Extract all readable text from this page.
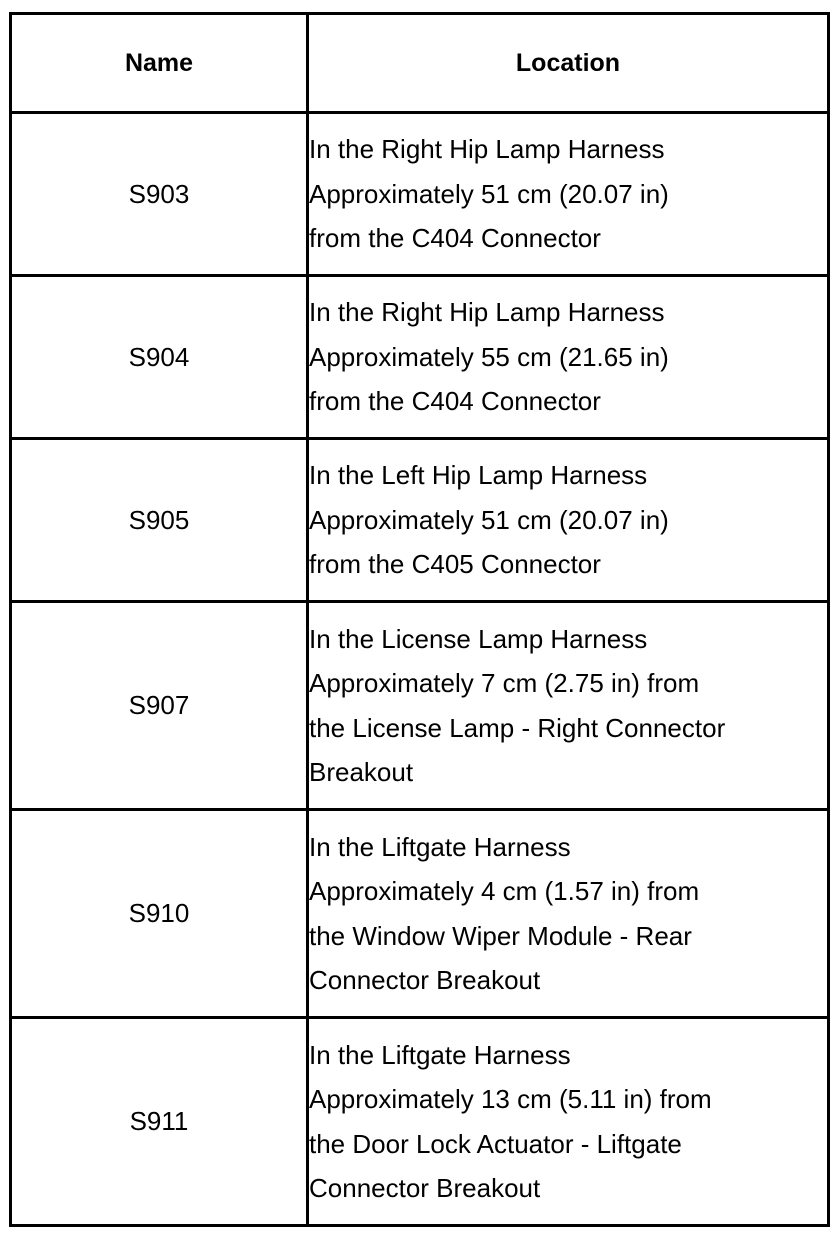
Name	Location
S903	In the Right Hip Lamp Harness
Approximately 51 cm (20.07 in)
from the C404 Connector

S904	In the Right Hip Lamp Harness
Approximately 55 cm (21.65 in)
from the C404 Connector

S905	In the Left Hip Lamp Harness
Approximately 51 cm (20.07 in)
from the C405 Connector

S907	In the License Lamp Harness
Approximately 7 cm (2.75 in) from
the License Lamp - Right Connector
Breakout

S910	In the Liftgate Harness
Approximately 4 cm (1.57 in) from
the Window Wiper Module - Rear
Connector Breakout

S911	In the Liftgate Harness
Approximately 13 cm (5.11 in) from
the Door Lock Actuator - Liftgate
Connector Breakout
